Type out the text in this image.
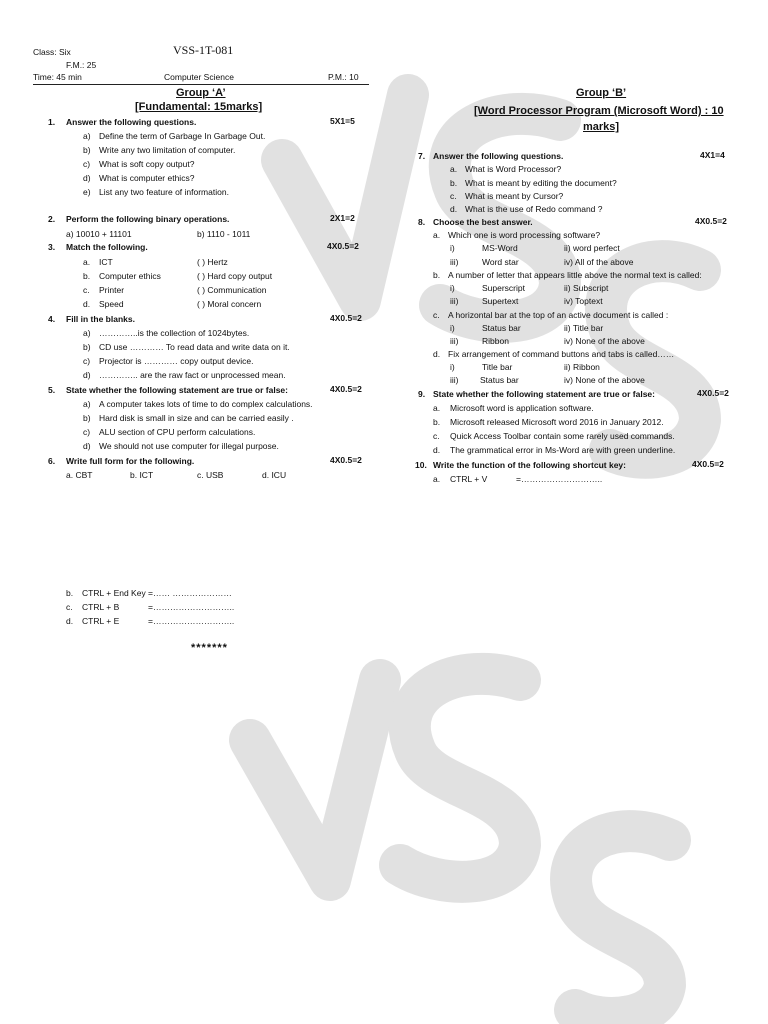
Class: Six	VSS-1T-081
F.M.: 25
Time: 45 min	Computer Science	P.M.: 10
Group ‘A’
[Fundamental: 15marks]
1. Answer the following questions.	5X1=5
a) Define the term of Garbage In Garbage Out.
b) Write any two limitation of computer.
c) What is soft copy output?
d) What is computer ethics?
e) List any two feature of information.
2. Perform the following binary operations.	2X1=2
a) 10010 + 11101	b) 1110 - 1011
3. Match the following.	4X0.5=2
a. ICT	( ) Hertz
b. Computer ethics	( ) Hard copy output
c. Printer	( ) Communication
d. Speed	( ) Moral concern
4. Fill in the blanks.	4X0.5=2
a) …………..is the collection of 1024bytes.
b) CD use ………… To read data and write data on it.
c) Projector is ………… copy output device.
d) ………….. are the raw fact or unprocessed mean.
5. State whether the following statement are true or false:	4X0.5=2
a) A computer takes lots of time to do complex calculations.
b) Hard disk is small in size and can be carried easily .
c) ALU section of CPU perform calculations.
d) We should not use computer for illegal purpose.
6. Write full form for the following.	4X0.5=2
a. CBT	b. ICT	c. USB	d. ICU
Group ‘B’
[Word Processor Program (Microsoft Word) : 10
marks]
7. Answer the following questions.	4X1=4
a. What is Word Processor?
b. What is meant by editing the document?
c. What is meant by Cursor?
d. What is the use of Redo command ?
8. Choose the best answer.	4X0.5=2
a. Which one is word processing software?
i)	MS-Word	ii) word perfect
iii)	Word star	iv) All of the above
b. A number of letter that appears little above the normal text is called:
i)	Superscript	ii) Subscript
iii)	Supertext	iv) Toptext
c. A horizontal bar at the top of an active document is called :
i)	Status bar	ii) Title bar
iii)	Ribbon	iv) None of the above
d. Fix arrangement of command buttons and tabs is called……
i)	Title bar	ii) Ribbon
iii)	Status bar	iv) None of the above
9. State whether the following statement are true or false:	4X0.5=2
a. Microsoft word is application software.
b. Microsoft released Microsoft word 2016 in January 2012.
c. Quick Access Toolbar contain some rarely used commands.
d. The grammatical error in Ms-Word are with green underline.
10. Write the function of the following shortcut key:	4X0.5=2
a. CTRL + V	=………………………..
b. CTRL + End Key =…… …………………
c. CTRL + B	=………………………..
d. CTRL + E	=………………………..
*******
